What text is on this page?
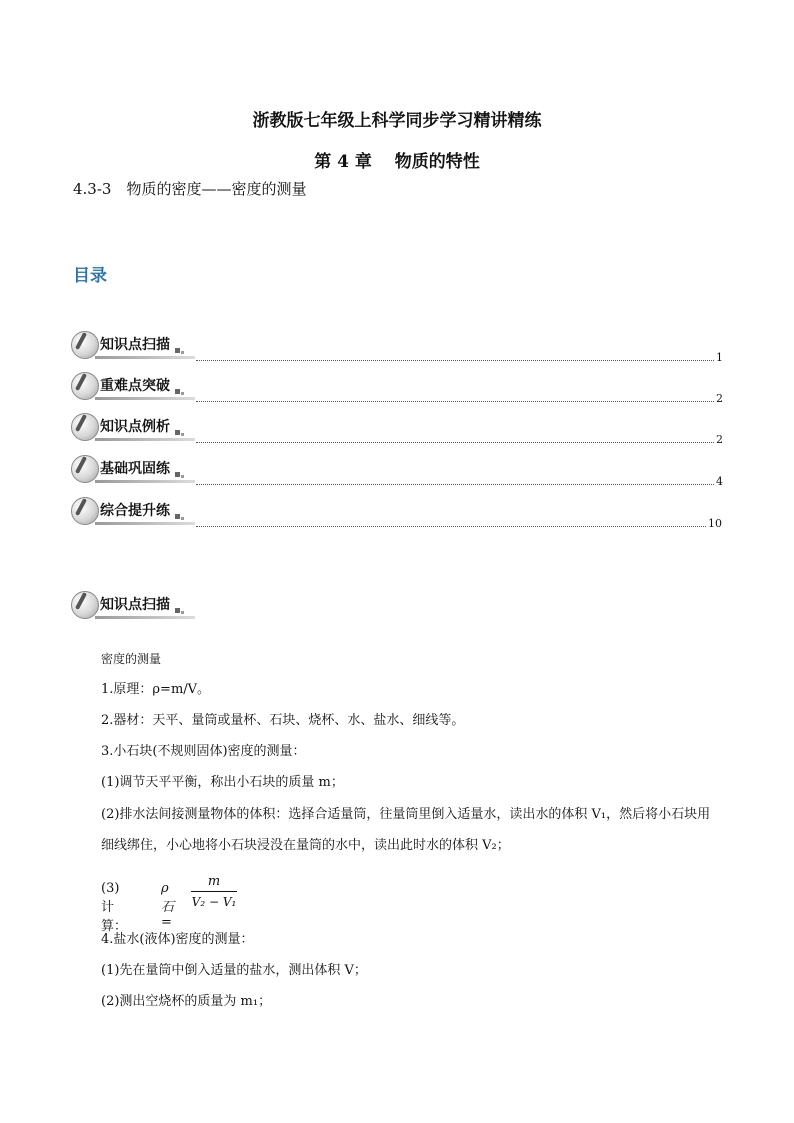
浙教版七年级上科学同步学习精讲精练
第 4 章　 物质的特性
4.3-3　物质的密度——密度的测量
目录
知识点扫描
1
重难点突破
2
知识点例析
2
基础巩固练
4
综合提升练
10
知识点扫描
密度的测量
1.原理：ρ=m/V。
2.器材：天平、量筒或量杯、石块、烧杯、水、盐水、细线等。
3.小石块(不规则固体)密度的测量：
(1)调节天平平衡，称出小石块的质量 m；
(2)排水法间接测量物体的体积：选择合适量筒，往量筒里倒入适量水，读出水的体积 V₁，然后将小石块用细线绑住，小心地将小石块浸没在量筒的水中，读出此时水的体积 V₂；
(3)计算：
ρ石 =
m
V₂ − V₁
4.盐水(液体)密度的测量：
(1)先在量筒中倒入适量的盐水，测出体积 V；
(2)测出空烧杯的质量为 m₁；
